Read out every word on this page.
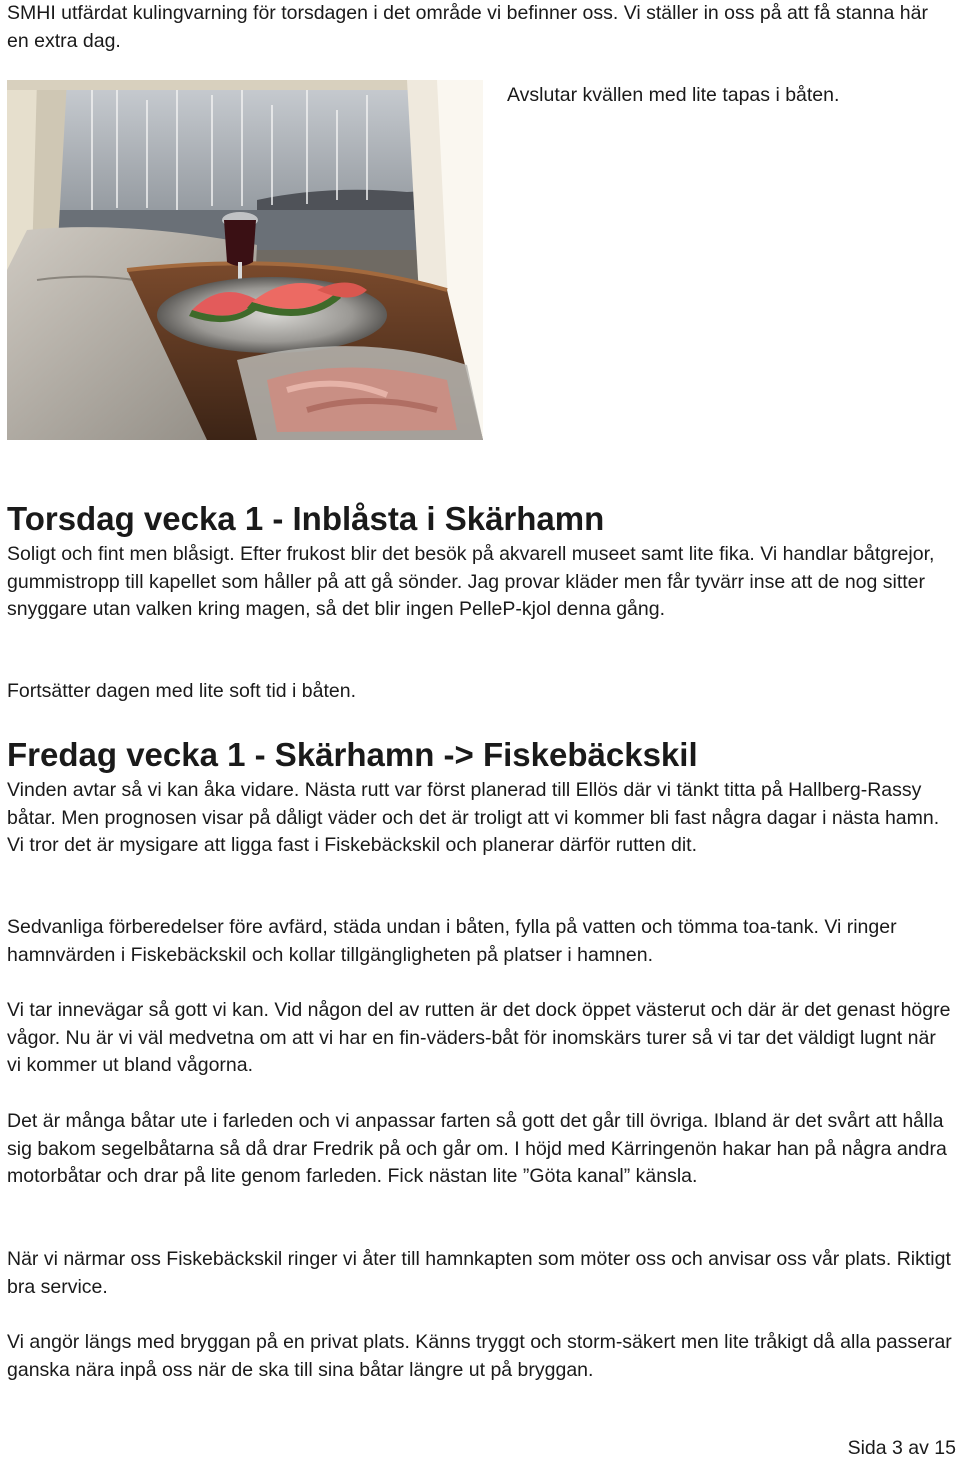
SMHI utfärdat kulingvarning för torsdagen i det område vi befinner oss. Vi ställer in oss på att få stanna här en extra dag.

Avslutar kvällen med lite tapas i båten.
Torsdag vecka 1 - Inblåsta i Skärhamn

Soligt och fint men blåsigt. Efter frukost blir det besök på akvarell museet samt lite fika. Vi handlar båtgrejor, gummistropp till kapellet som håller på att gå sönder. Jag provar kläder men får tyvärr inse att de nog sitter snyggare utan valken kring magen, så det blir ingen PelleP-kjol denna gång.

Fortsätter dagen med lite soft tid i båten.

Fredag vecka 1 - Skärhamn -> Fiskebäckskil

Vinden avtar så vi kan åka vidare. Nästa rutt var först planerad till Ellös där vi tänkt titta på Hallberg-Rassy båtar. Men prognosen visar på dåligt väder och det är troligt att vi kommer bli fast några dagar i nästa hamn. Vi tror det är mysigare att ligga fast i Fiskebäckskil och planerar därför rutten dit.

Sedvanliga förberedelser före avfärd, städa undan i båten, fylla på vatten och tömma toa-tank. Vi ringer hamnvärden i Fiskebäckskil och kollar tillgängligheten på platser i hamnen.

Vi tar innevägar så gott vi kan. Vid någon del av rutten är det dock öppet västerut och där är det genast högre vågor. Nu är vi väl medvetna om att vi har en fin-väders-båt för inomskärs turer så vi tar det väldigt lugnt när vi kommer ut bland vågorna.

Det är många båtar ute i farleden och vi anpassar farten så gott det går till övriga. Ibland är det svårt att hålla sig bakom segelbåtarna så då drar Fredrik på och går om. I höjd med Kärringenön hakar han på några andra motorbåtar och drar på lite genom farleden. Fick nästan lite ”Göta kanal” känsla.

När vi närmar oss Fiskebäckskil ringer vi åter till hamnkapten som möter oss och anvisar oss vår plats. Riktigt bra service.

Vi angör längs med bryggan på en privat plats. Känns tryggt och storm-säkert men lite tråkigt då alla passerar ganska nära inpå oss när de ska till sina båtar längre ut på bryggan.

Sida 3 av 15
